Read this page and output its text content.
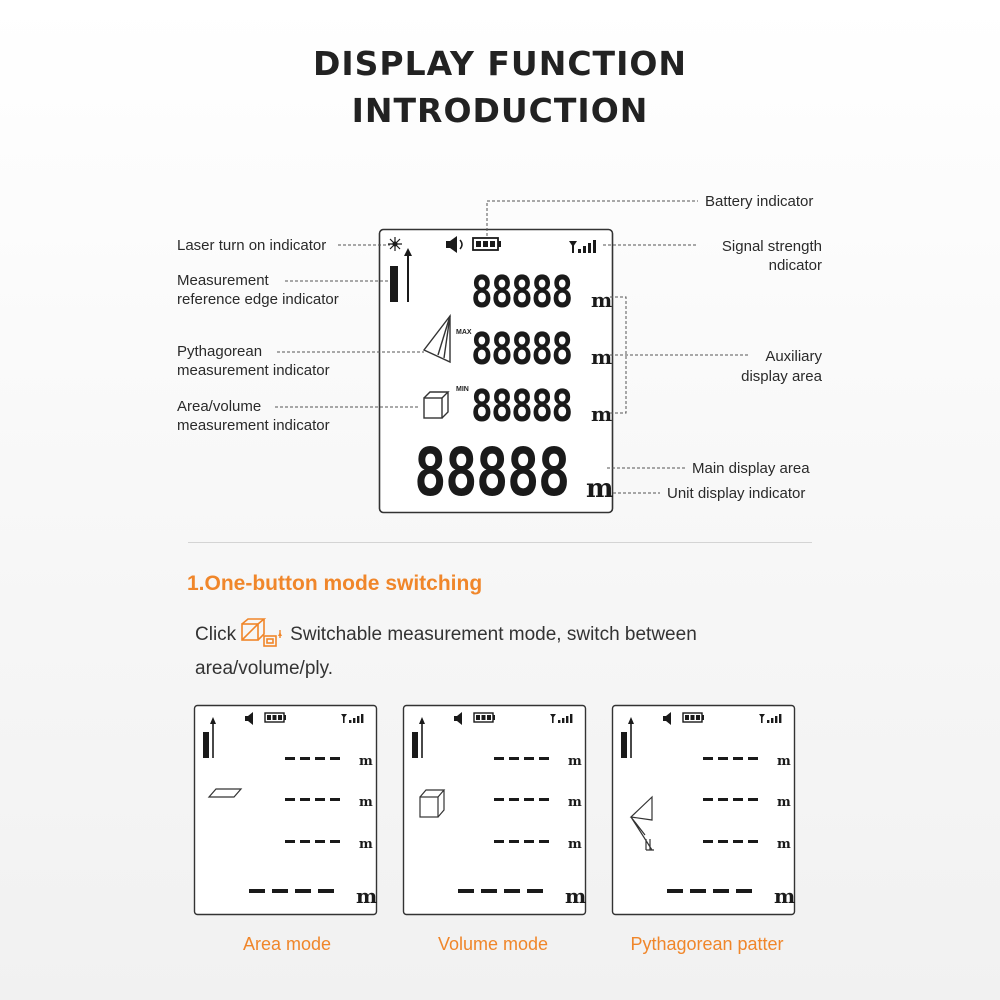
DISPLAY FUNCTION
INTRODUCTION
88888
88888
88888
88888
MAX
MIN
m
m
m
m
Battery indicator
Laser turn on indicator	Signal strength
ndicator
Measurement
reference edge indicator
Pythagorean
measurement indicator
Auxiliary
display area
Area/volume
measurement indicator
Main display area
Unit display indicator
1.One-button mode switching
Click	Switchable measurement mode, switch between
area/volume/ply.
m
m
m
m
m
m
m
m
m
m
m
m
Area mode	Volume mode	Pythagorean patter
